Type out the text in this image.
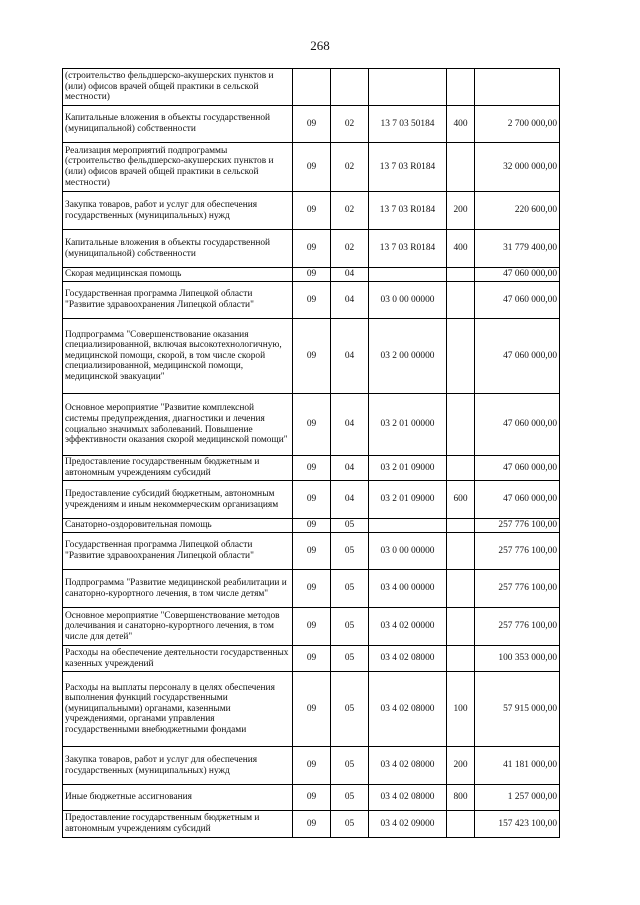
268
(строительство фельдшерско-акушерских пунктов и (или) офисов врачей общей практики в сельской местности)					
Капитальные вложения в объекты государственной (муниципальной) собственности	09	02	13 7 03 50184	400	2 700 000,00
Реализация мероприятий подпрограммы (строительство фельдшерско-акушерских пунктов и (или) офисов врачей общей практики в сельской местности)	09	02	13 7 03 R0184		32 000 000,00
Закупка товаров, работ и услуг для обеспечения государственных (муниципальных) нужд	09	02	13 7 03 R0184	200	220 600,00
Капитальные вложения в объекты государственной (муниципальной) собственности	09	02	13 7 03 R0184	400	31 779 400,00
Скорая медицинская помощь	09	04			47 060 000,00
Государственная программа Липецкой области "Развитие здравоохранения Липецкой области"	09	04	03 0 00 00000		47 060 000,00
Подпрограмма "Совершенствование оказания специализированной, включая высокотехнологичную, медицинской помощи, скорой, в том числе скорой специализированной, медицинской помощи, медицинской эвакуации"	09	04	03 2 00 00000		47 060 000,00
Основное мероприятие "Развитие комплексной системы предупреждения, диагностики и лечения социально значимых заболеваний. Повышение эффективности оказания скорой медицинской помощи"	09	04	03 2 01 00000		47 060 000,00
Предоставление государственным бюджетным и автономным учреждениям субсидий	09	04	03 2 01 09000		47 060 000,00
Предоставление субсидий бюджетным, автономным учреждениям и иным некоммерческим организациям	09	04	03 2 01 09000	600	47 060 000,00
Санаторно-оздоровительная помощь	09	05			257 776 100,00
Государственная программа Липецкой области "Развитие здравоохранения Липецкой области"	09	05	03 0 00 00000		257 776 100,00
Подпрограмма "Развитие медицинской реабилитации и санаторно-курортного лечения, в том числе детям"	09	05	03 4 00 00000		257 776 100,00
Основное мероприятие "Совершенствование методов долечивания и санаторно-курортного лечения, в том числе для детей"	09	05	03 4 02 00000		257 776 100,00
Расходы на обеспечение деятельности государственных казенных учреждений	09	05	03 4 02 08000		100 353 000,00
Расходы на выплаты персоналу в целях обеспечения выполнения функций государственными (муниципальными) органами, казенными учреждениями, органами управления государственными внебюджетными фондами	09	05	03 4 02 08000	100	57 915 000,00
Закупка товаров, работ и услуг для обеспечения государственных (муниципальных) нужд	09	05	03 4 02 08000	200	41 181 000,00
Иные бюджетные ассигнования	09	05	03 4 02 08000	800	1 257 000,00
Предоставление государственным бюджетным и автономным учреждениям субсидий	09	05	03 4 02 09000		157 423 100,00
